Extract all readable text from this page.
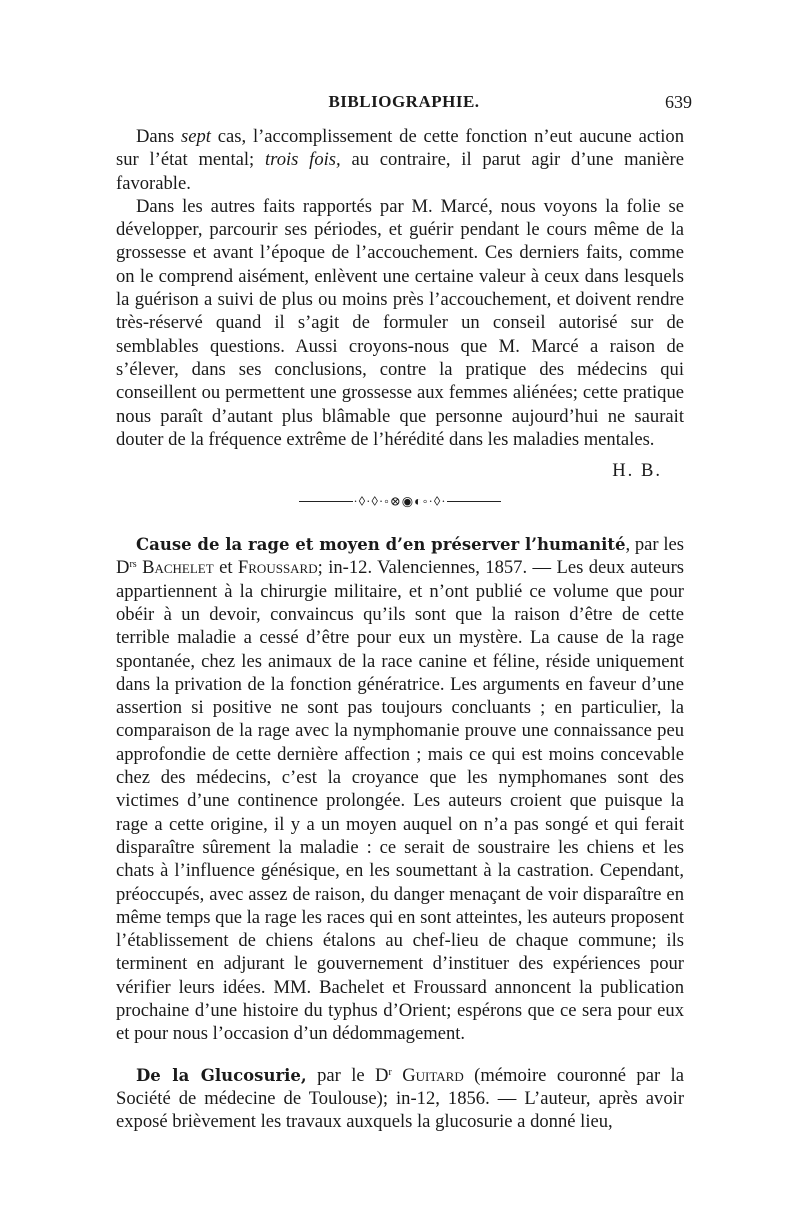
BIBLIOGRAPHIE.	639

Dans sept cas, l’accomplissement de cette fonction n’eut aucune action sur l’état mental; trois fois, au contraire, il parut agir d’une manière favorable.

Dans les autres faits rapportés par M. Marcé, nous voyons la folie se développer, parcourir ses périodes, et guérir pendant le cours même de la grossesse et avant l’époque de l’accouchement. Ces derniers faits, comme on le comprend aisément, enlèvent une certaine valeur à ceux dans lesquels la guérison a suivi de plus ou moins près l’accouchement, et doivent rendre très-réservé quand il s’agit de formuler un conseil autorisé sur de semblables questions. Aussi croyons-nous que M. Marcé a raison de s’élever, dans ses conclusions, contre la pratique des médecins qui conseillent ou permettent une grossesse aux femmes aliénées; cette pratique nous paraît d’autant plus blâmable que personne aujourd’hui ne saurait douter de la fréquence extrême de l’hérédité dans les maladies mentales.

H. B.
·◊·◊·◦⊗◉◐◦·◊·

Cause de la rage et moyen d’en préserver l’humanité, par les $D^{rs}$ Bachelet et Froussard; in-12. Valenciennes, 1857. — Les deux auteurs appartiennent à la chirurgie militaire, et n’ont publié ce volume que pour obéir à un devoir, convaincus qu’ils sont que la raison d’être de cette terrible maladie a cessé d’être pour eux un mystère. La cause de la rage spontanée, chez les animaux de la race canine et féline, réside uniquement dans la privation de la fonction génératrice. Les arguments en faveur d’une assertion si positive ne sont pas toujours concluants ; en particulier, la comparaison de la rage avec la nymphomanie prouve une connaissance peu approfondie de cette dernière affection ; mais ce qui est moins concevable chez des médecins, c’est la croyance que les nymphomanes sont des victimes d’une continence prolongée. Les auteurs croient que puisque la rage a cette origine, il y a un moyen auquel on n’a pas songé et qui ferait disparaître sûrement la maladie : ce serait de soustraire les chiens et les chats à l’influence génésique, en les soumettant à la castration. Cependant, préoccupés, avec assez de raison, du danger menaçant de voir disparaître en même temps que la rage les races qui en sont atteintes, les auteurs proposent l’établissement de chiens étalons au chef-lieu de chaque commune; ils terminent en adjurant le gouvernement d’instituer des expériences pour vérifier leurs idées. MM. Bachelet et Froussard annoncent la publication prochaine d’une histoire du typhus d’Orient; espérons que ce sera pour eux et pour nous l’occasion d’un dédommagement.

De la Glucosurie, par le $D^r$ Guitard (mémoire couronné par la Société de médecine de Toulouse); in-12, 1856. — L’auteur, après avoir exposé brièvement les travaux auxquels la glucosurie a donné lieu,
